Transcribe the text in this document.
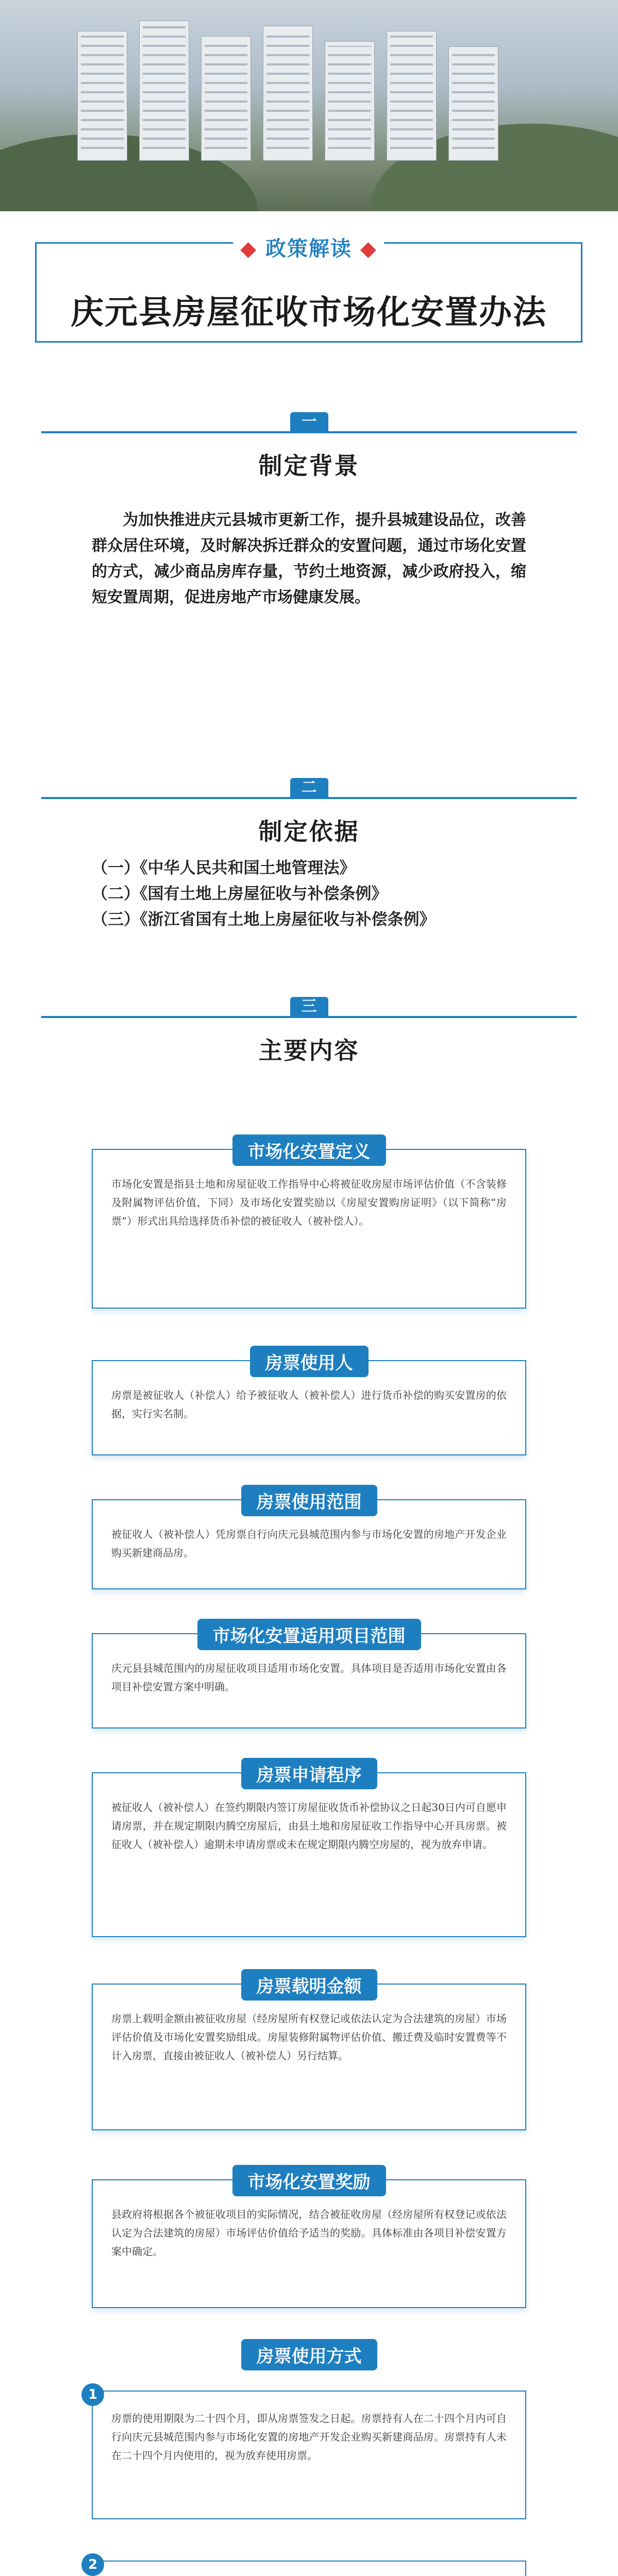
◆ 政策解读 ◆
庆元县房屋征收市场化安置办法
一
制定背景
为加快推进庆元县城市更新工作，提升县城建设品位，改善群众居住环境，及时解决拆迁群众的安置问题，通过市场化安置的方式，减少商品房库存量，节约土地资源，减少政府投入，缩短安置周期，促进房地产市场健康发展。
二
制定依据
（一）《中华人民共和国土地管理法》
（二）《国有土地上房屋征收与补偿条例》
（三）《浙江省国有土地上房屋征收与补偿条例》
三
主要内容
市场化安置定义
市场化安置是指县土地和房屋征收工作指导中心将被征收房屋市场评估价值（不含装修及附属物评估价值，下同）及市场化安置奖励以《房屋安置购房证明》（以下简称“房票”）形式出具给选择货币补偿的被征收人（被补偿人）。
房票使用人
房票是被征收人（补偿人）给予被征收人（被补偿人）进行货币补偿的购买安置房的依据，实行实名制。
房票使用范围
被征收人（被补偿人）凭房票自行向庆元县城范围内参与市场化安置的房地产开发企业购买新建商品房。
市场化安置适用项目范围
庆元县县城范围内的房屋征收项目适用市场化安置。具体项目是否适用市场化安置由各项目补偿安置方案中明确。
房票申请程序
被征收人（被补偿人）在签约期限内签订房屋征收货币补偿协议之日起30日内可自愿申请房票，并在规定期限内腾空房屋后，由县土地和房屋征收工作指导中心开具房票。被征收人（被补偿人）逾期未申请房票或未在规定期限内腾空房屋的，视为放弃申请。
房票载明金额
房票上载明金额由被征收房屋（经房屋所有权登记或依法认定为合法建筑的房屋）市场评估价值及市场化安置奖励组成。房屋装修附属物评估价值、搬迁费及临时安置费等不计入房票，直接由被征收人（被补偿人）另行结算。
市场化安置奖励
县政府将根据各个被征收项目的实际情况，结合被征收房屋（经房屋所有权登记或依法认定为合法建筑的房屋）市场评估价值给予适当的奖励。具体标准由各项目补偿安置方案中确定。
房票使用方式
1
房票的使用期限为二十四个月，即从房票签发之日起。房票持有人在二十四个月内可自行向庆元县城范围内参与市场化安置的房地产开发企业购买新建商品房。房票持有人未在二十四个月内使用的，视为放弃使用房票。
2
